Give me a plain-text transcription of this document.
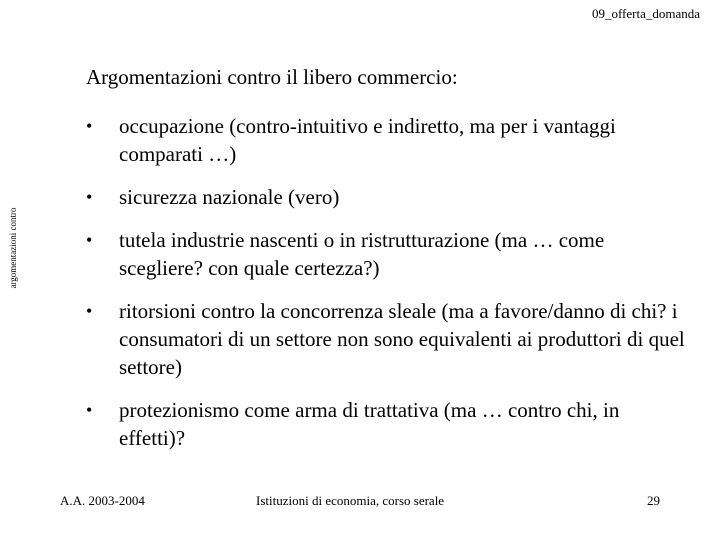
09_offerta_domanda
argomentazioni contro
Argomentazioni contro il libero commercio:
• occupazione (contro-intuitivo e indiretto, ma per i vantaggi comparati …)
• sicurezza nazionale (vero)
• tutela industrie nascenti o in ristrutturazione (ma … come scegliere? con quale certezza?)
• ritorsioni contro la concorrenza sleale (ma a favore/danno di chi? i consumatori di un settore non sono equivalenti ai produttori di quel settore)
• protezionismo come arma di trattativa (ma … contro chi, in effetti)?
A.A. 2003-2004	Istituzioni di economia, corso serale	29
